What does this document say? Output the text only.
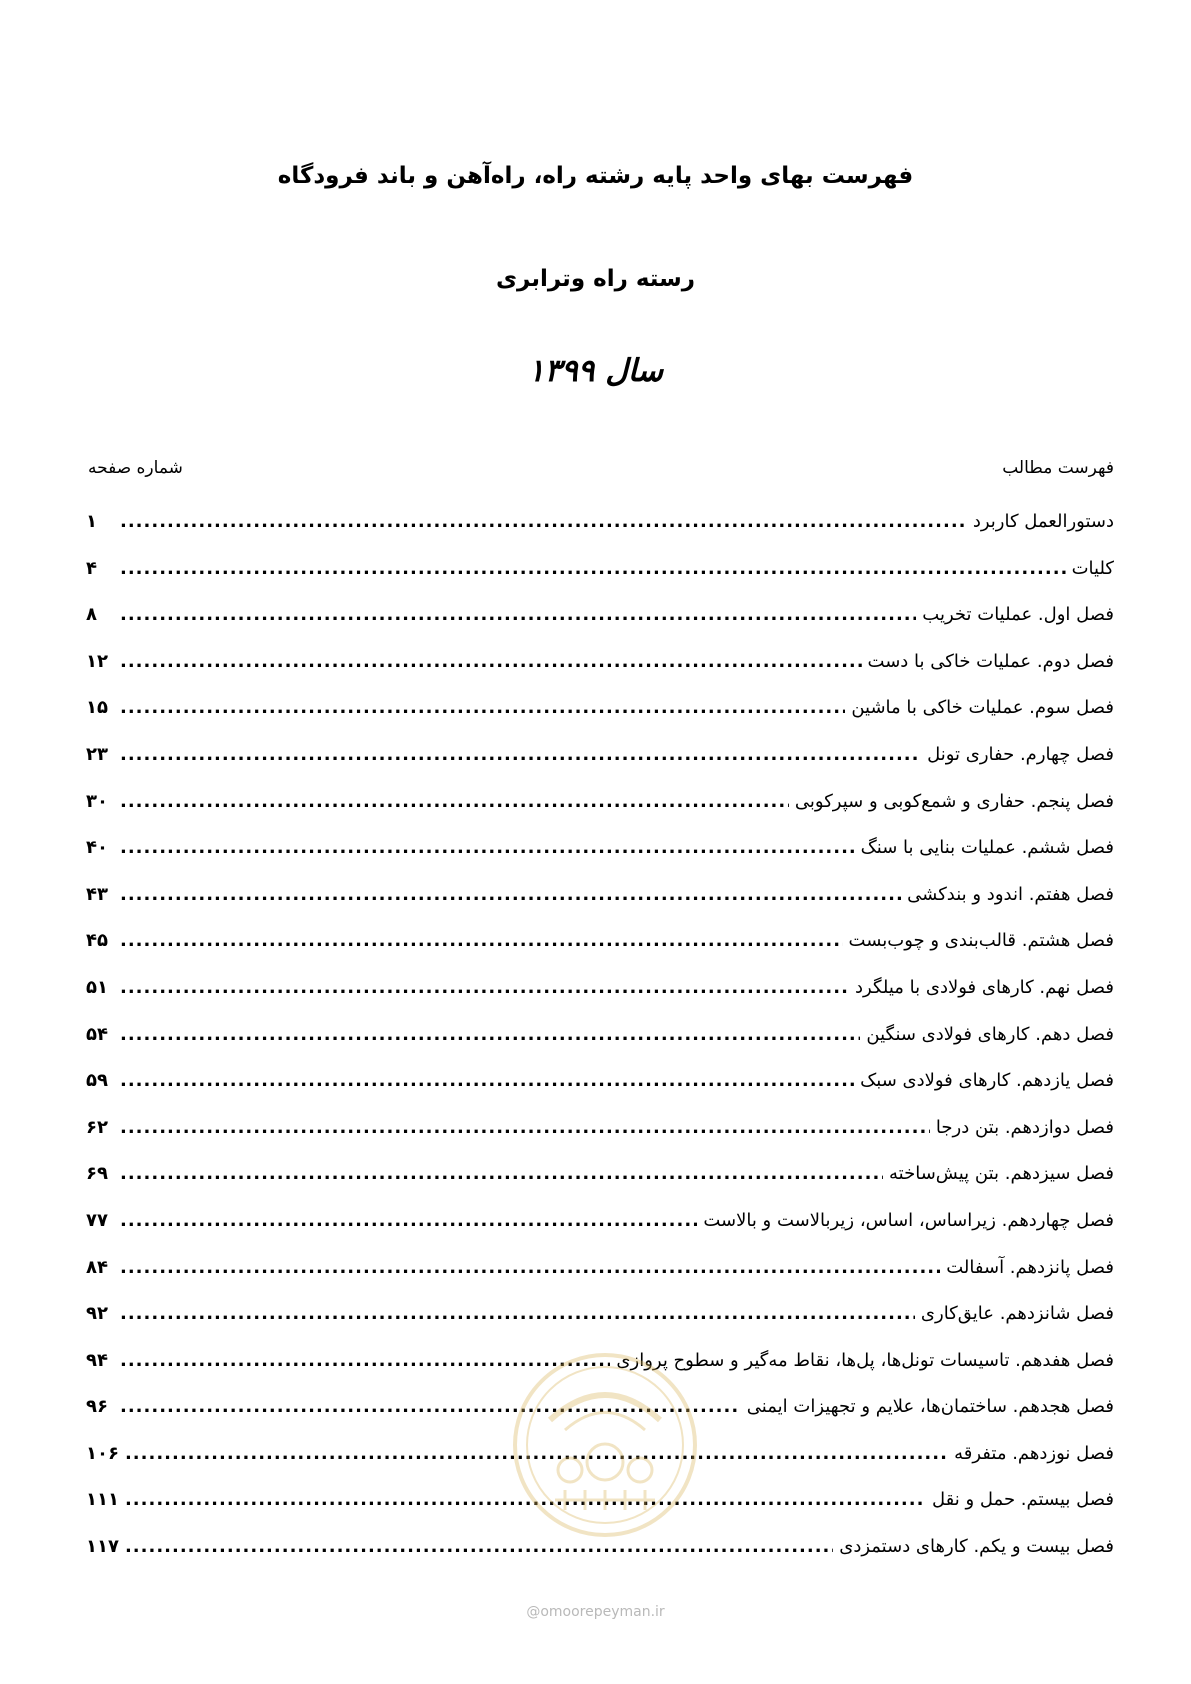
فهرست بهای واحد پایه رشته راه، راه‌آهن و باند فرودگاه
رسته راه وترابری
سال ۱۳۹۹
فهرست مطالب
شماره صفحه
دستورالعمل کاربرد
.....
۱
کلیات
.....
۴
فصل اول. عملیات تخریب
.....
۸
فصل دوم. عملیات خاکی با دست
.....
۱۲
فصل سوم. عملیات خاکی با ماشین
.....
۱۵
فصل چهارم. حفاری تونل
.....
۲۳
فصل پنجم. حفاری و شمع‌کوبی و سپرکوبی
.....
۳۰
فصل ششم. عملیات بنایی با سنگ
.....
۴۰
فصل هفتم. اندود و بندکشی
.....
۴۳
فصل هشتم. قالب‌بندی و چوب‌بست
.....
۴۵
فصل نهم. کارهای فولادی با میلگرد
.....
۵۱
فصل دهم. کارهای فولادی سنگین
.....
۵۴
فصل یازدهم. کارهای فولادی سبک
.....
۵۹
فصل دوازدهم. بتن درجا
.....
۶۲
فصل سیزدهم. بتن پیش‌ساخته
.....
۶۹
فصل چهاردهم. زیراساس، اساس، زیربالاست و بالاست
.....
۷۷
فصل پانزدهم. آسفالت
.....
۸۴
فصل شانزدهم. عایق‌کاری
.....
۹۲
فصل هفدهم. تاسیسات تونل‌ها، پل‌ها، نقاط مه‌گیر و سطوح پروازی
.....
۹۴
فصل هجدهم. ساختمان‌ها، علایم و تجهیزات ایمنی
.....
۹۶
فصل نوزدهم. متفرقه
.....
۱۰۶
فصل بیستم. حمل و نقل
.....
۱۱۱
فصل بیست و یکم. کارهای دستمزدی
.....
۱۱۷
@omoorepeyman.ir
